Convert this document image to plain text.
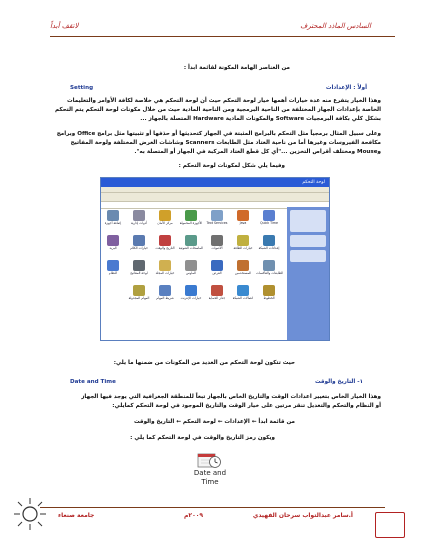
لاتقف أبداً	السادس الماذد المحترف
من العناصر الهامة المكونة لقائمة ابدأ :
أولاً : الإعدادات
Setting
وهذا الخيار يتفرع منه عدة خيارات أهمها خيار لوحة التحكم حيث أن لوحة التحكم هي خلاصة لكافة الأوامر والتعليمات
الخاصة بإعدادات الجهاز المختلفة من الناحية البرمجية ومن الناحية المادية حيث من خلال مكونات لوحة التحكم يتم التحكم
بشكل كلي بكافة البرمجيات Software والمكونات المادية Hardware المتصلة بالجهاز ...
وعلى سبيل المثال برمجياً مثل التحكم بالبرامج المثبتة في الجهاز كتحديثها أو حذفها أو تثبيتها مثل برامج Office وبرامج
مكافحة الفيروسات وغيرها أما من ناحية العتاد مثل الطابعات Scanners وشاشات العرض المختلفة ولوحة المفاتيح
وMouse ومختلف أقراص التخزين ..."أي كل قطع العتاد المركبة في الجهاز أو المتصلة به".
وفيما يلي شكل لمكونات لوحة التحكم :
لوحة التحكم
Quick Time
Java
Text Services
الأجهزة المحمولة
مركز الأمان
أدوات إدارية
إضافة أجهزة
إعدادات الشبكة
خيارات الطاقة
الأصوات
الماسحات الضوئية
التاريخ والوقت
خيارات الكلام
البريد
الطابعات والفاكسات
المستخدمين
العرض
الماوس
خيارات المجلد
لوحة المفاتيح
النظام
الخطوط
اتصالات الشبكة
جدار الحماية
خيارات الإنترنت
شريط المهام
المهام المجدولة
حيث تتكون لوحة التحكم من العديد من المكونات من ضمنها ما يلي:
١- التاريخ والوقت
Date and Time
وهذا الخيار الخاص بتغيير اعدادات الوقت والتاريخ الخاص بالجهاز تبعاً للمنطقة الجغرافية التي يوجد فيها الجهاز
أو النظام والتحكم والتعديل تنقر مرتين على خيار الوقت والتاريخ الموجود في لوحة التحكم كمايلي:
من قائمة ابدأ ← الإعدادات ← لوحة التحكم ← التاريخ والوقت
ويكون رمز التاريخ والوقت في لوحة التحكم كما يلي :
Date and
Time
أ.سامر عبدالتواب سرحان الفهيدي
٢٠٠٩م
جامعة صنعاء
